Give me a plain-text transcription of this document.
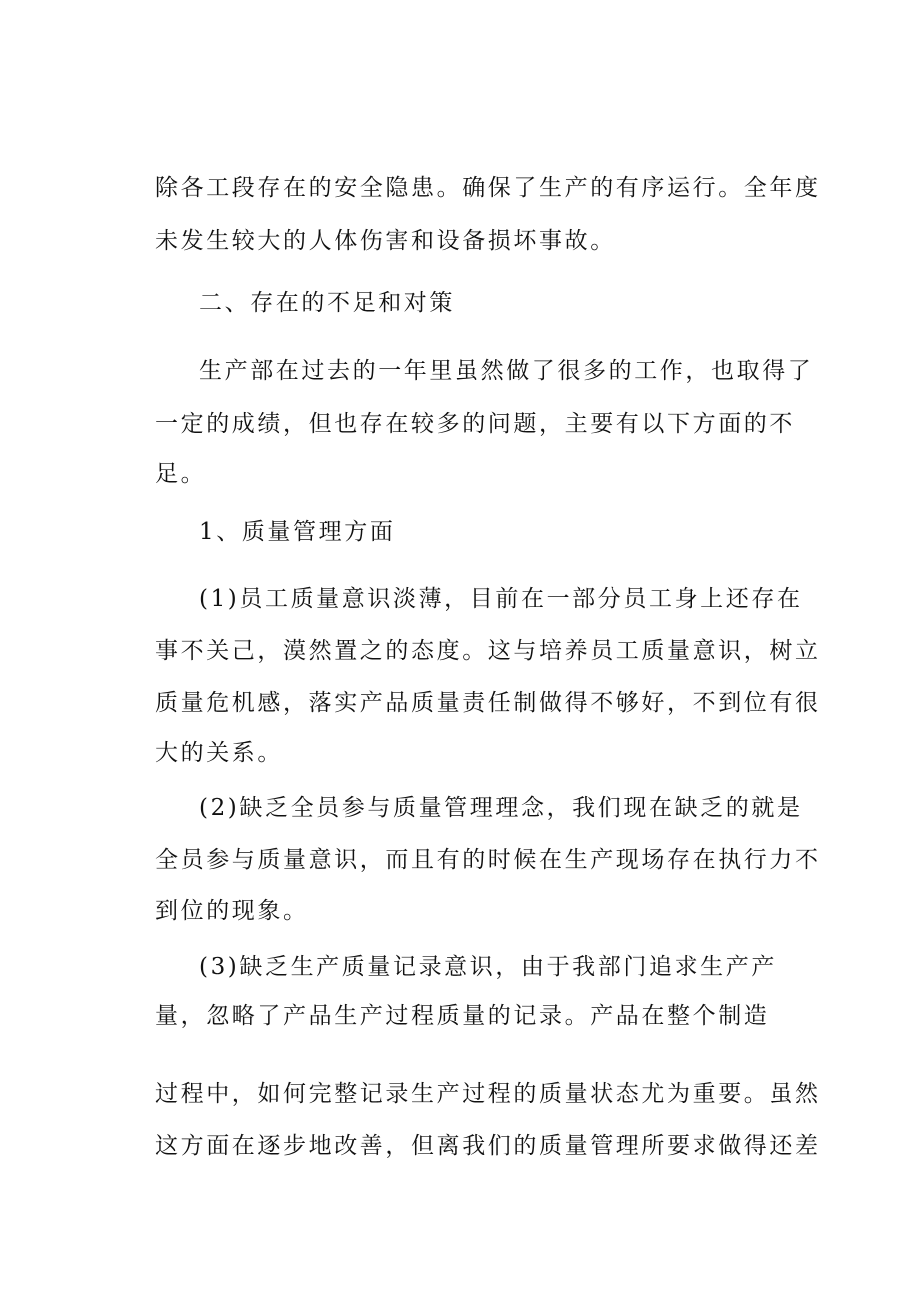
除各工段存在的安全隐患。确保了生产的有序运行。全年度
未发生较大的人体伤害和设备损坏事故。
二、存在的不足和对策
生产部在过去的一年里虽然做了很多的工作，也取得了
一定的成绩，但也存在较多的问题，主要有以下方面的不
足。
1、质量管理方面
(1)员工质量意识淡薄，目前在一部分员工身上还存在
事不关己，漠然置之的态度。这与培养员工质量意识，树立
质量危机感，落实产品质量责任制做得不够好，不到位有很
大的关系。
(2)缺乏全员参与质量管理理念，我们现在缺乏的就是
全员参与质量意识，而且有的时候在生产现场存在执行力不
到位的现象。
(3)缺乏生产质量记录意识，由于我部门追求生产产
量，忽略了产品生产过程质量的记录。产品在整个制造
过程中，如何完整记录生产过程的质量状态尤为重要。虽然
这方面在逐步地改善，但离我们的质量管理所要求做得还差
